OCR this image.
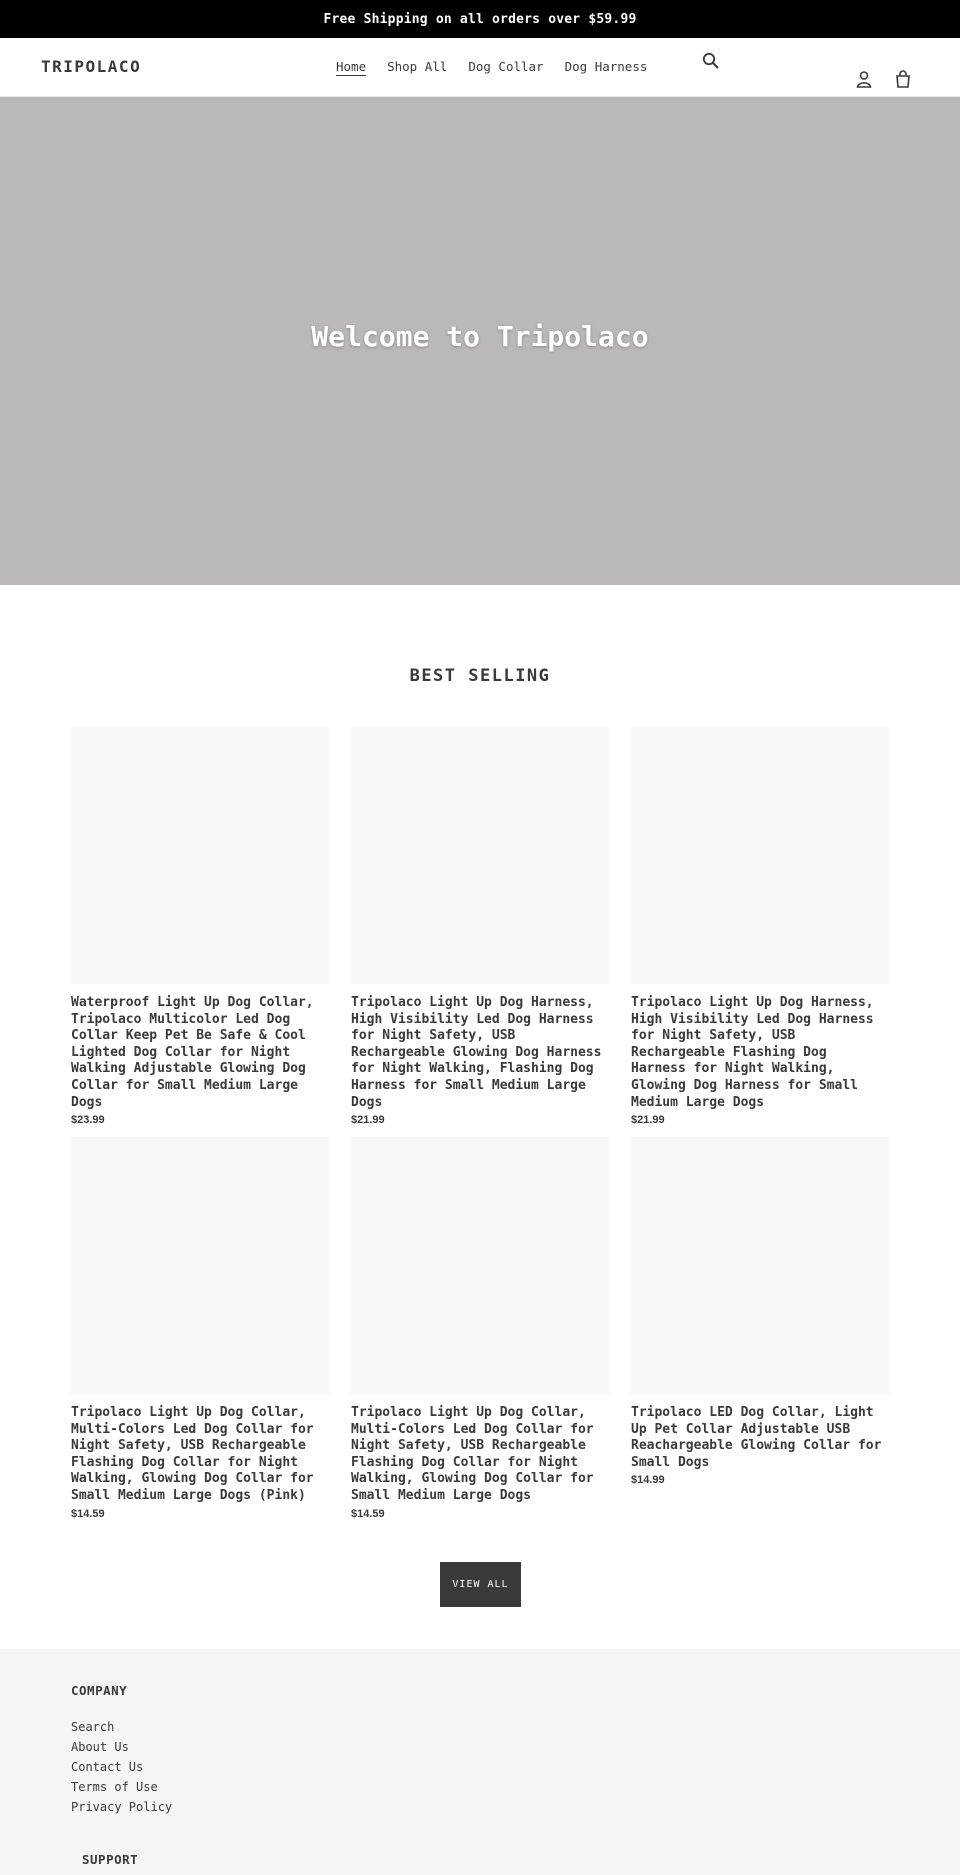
Free Shipping on all orders over $59.99
TRIPOLACO	Home Shop All Dog Collar Dog Harness
Welcome to Tripolaco
BEST SELLING
Waterproof Light Up Dog Collar, Tripolaco Multicolor Led Dog Collar Keep Pet Be Safe & Cool Lighted Dog Collar for Night Walking Adjustable Glowing Dog Collar for Small Medium Large Dogs
$23.99
Tripolaco Light Up Dog Harness, High Visibility Led Dog Harness for Night Safety, USB Rechargeable Glowing Dog Harness for Night Walking, Flashing Dog Harness for Small Medium Large Dogs
$21.99
Tripolaco Light Up Dog Harness, High Visibility Led Dog Harness for Night Safety, USB Rechargeable Flashing Dog Harness for Night Walking, Glowing Dog Harness for Small Medium Large Dogs
$21.99
Tripolaco Light Up Dog Collar, Multi-Colors Led Dog Collar for Night Safety, USB Rechargeable Flashing Dog Collar for Night Walking, Glowing Dog Collar for Small Medium Large Dogs (Pink)
$14.59
Tripolaco Light Up Dog Collar, Multi-Colors Led Dog Collar for Night Safety, USB Rechargeable Flashing Dog Collar for Night Walking, Glowing Dog Collar for Small Medium Large Dogs
$14.59
Tripolaco LED Dog Collar, Light Up Pet Collar Adjustable USB Reachargeable Glowing Collar for Small Dogs
$14.99
VIEW ALL
COMPANY
Search
About Us
Contact Us
Terms of Use
Privacy Policy
SUPPORT
